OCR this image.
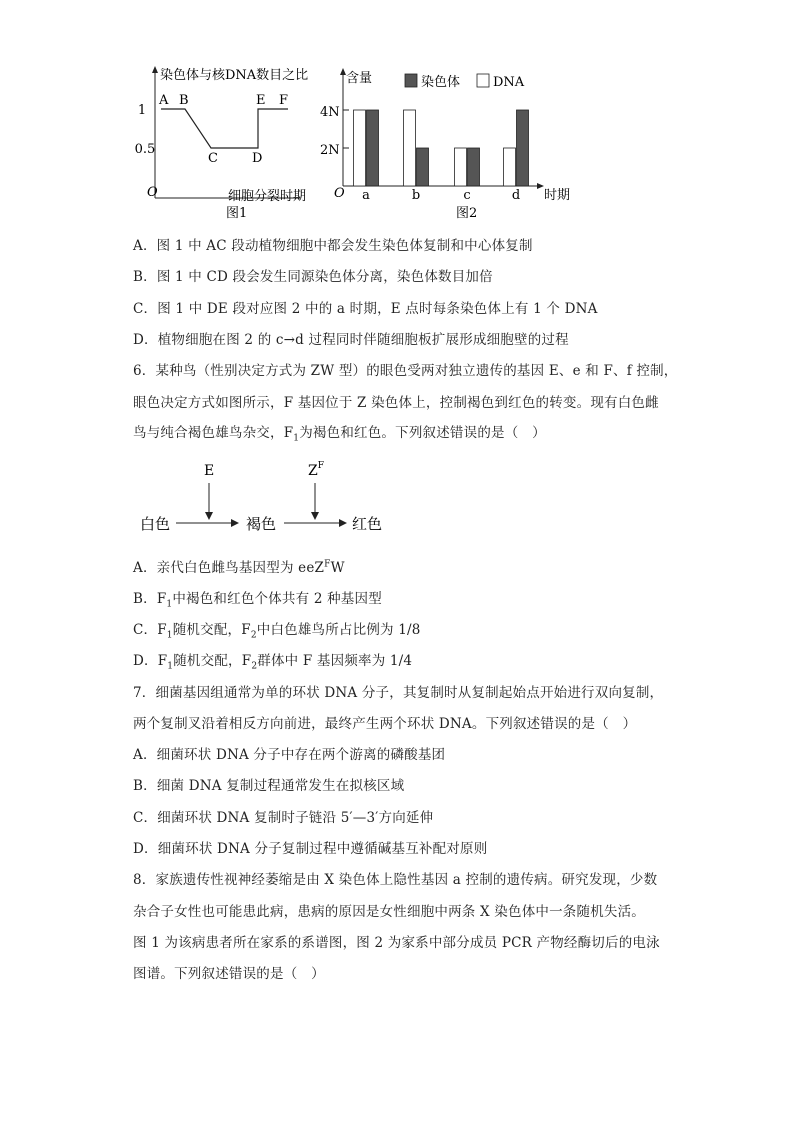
染色体与核DNA数目之比
1
0.5
O	细胞分裂时期
图1
A B
C	D
E F
含量	染色体	DNA
4N
2N
O	时期
图2
a	b	c	d
A．图 1 中 AC 段动植物细胞中都会发生染色体复制和中心体复制
B．图 1 中 CD 段会发生同源染色体分离，染色体数目加倍
C．图 1 中 DE 段对应图 2 中的 a 时期，E 点时每条染色体上有 1 个 DNA
D．植物细胞在图 2 的 c→d 过程同时伴随细胞板扩展形成细胞壁的过程
6．某种鸟（性别决定方式为 ZW 型）的眼色受两对独立遗传的基因 E、e 和 F、f 控制，
眼色决定方式如图所示，F 基因位于 Z 染色体上，控制褐色到红色的转变。现有白色雌
鸟与纯合褐色雄鸟杂交，$F_1$为褐色和红色。下列叙述错误的是（　）
白色	褐色	红色
E	$Z^F$
A．亲代白色雌鸟基因型为 eeZ$^F$W
B．$F_1$中褐色和红色个体共有 2 种基因型
C．$F_1$随机交配，$F_2$中白色雄鸟所占比例为 1/8
D．$F_1$随机交配，$F_2$群体中 F 基因频率为 1/4
7．细菌基因组通常为单的环状 DNA 分子，其复制时从复制起始点开始进行双向复制，
两个复制叉沿着相反方向前进，最终产生两个环状 DNA。下列叙述错误的是（　）
A．细菌环状 DNA 分子中存在两个游离的磷酸基团
B．细菌 DNA 复制过程通常发生在拟核区域
C．细菌环状 DNA 复制时子链沿 5′—3′方向延伸
D．细菌环状 DNA 分子复制过程中遵循碱基互补配对原则
8．家族遗传性视神经萎缩是由 X 染色体上隐性基因 a 控制的遗传病。研究发现，少数
杂合子女性也可能患此病，患病的原因是女性细胞中两条 X 染色体中一条随机失活。
图 1 为该病患者所在家系的系谱图，图 2 为家系中部分成员 PCR 产物经酶切后的电泳
图谱。下列叙述错误的是（　）
